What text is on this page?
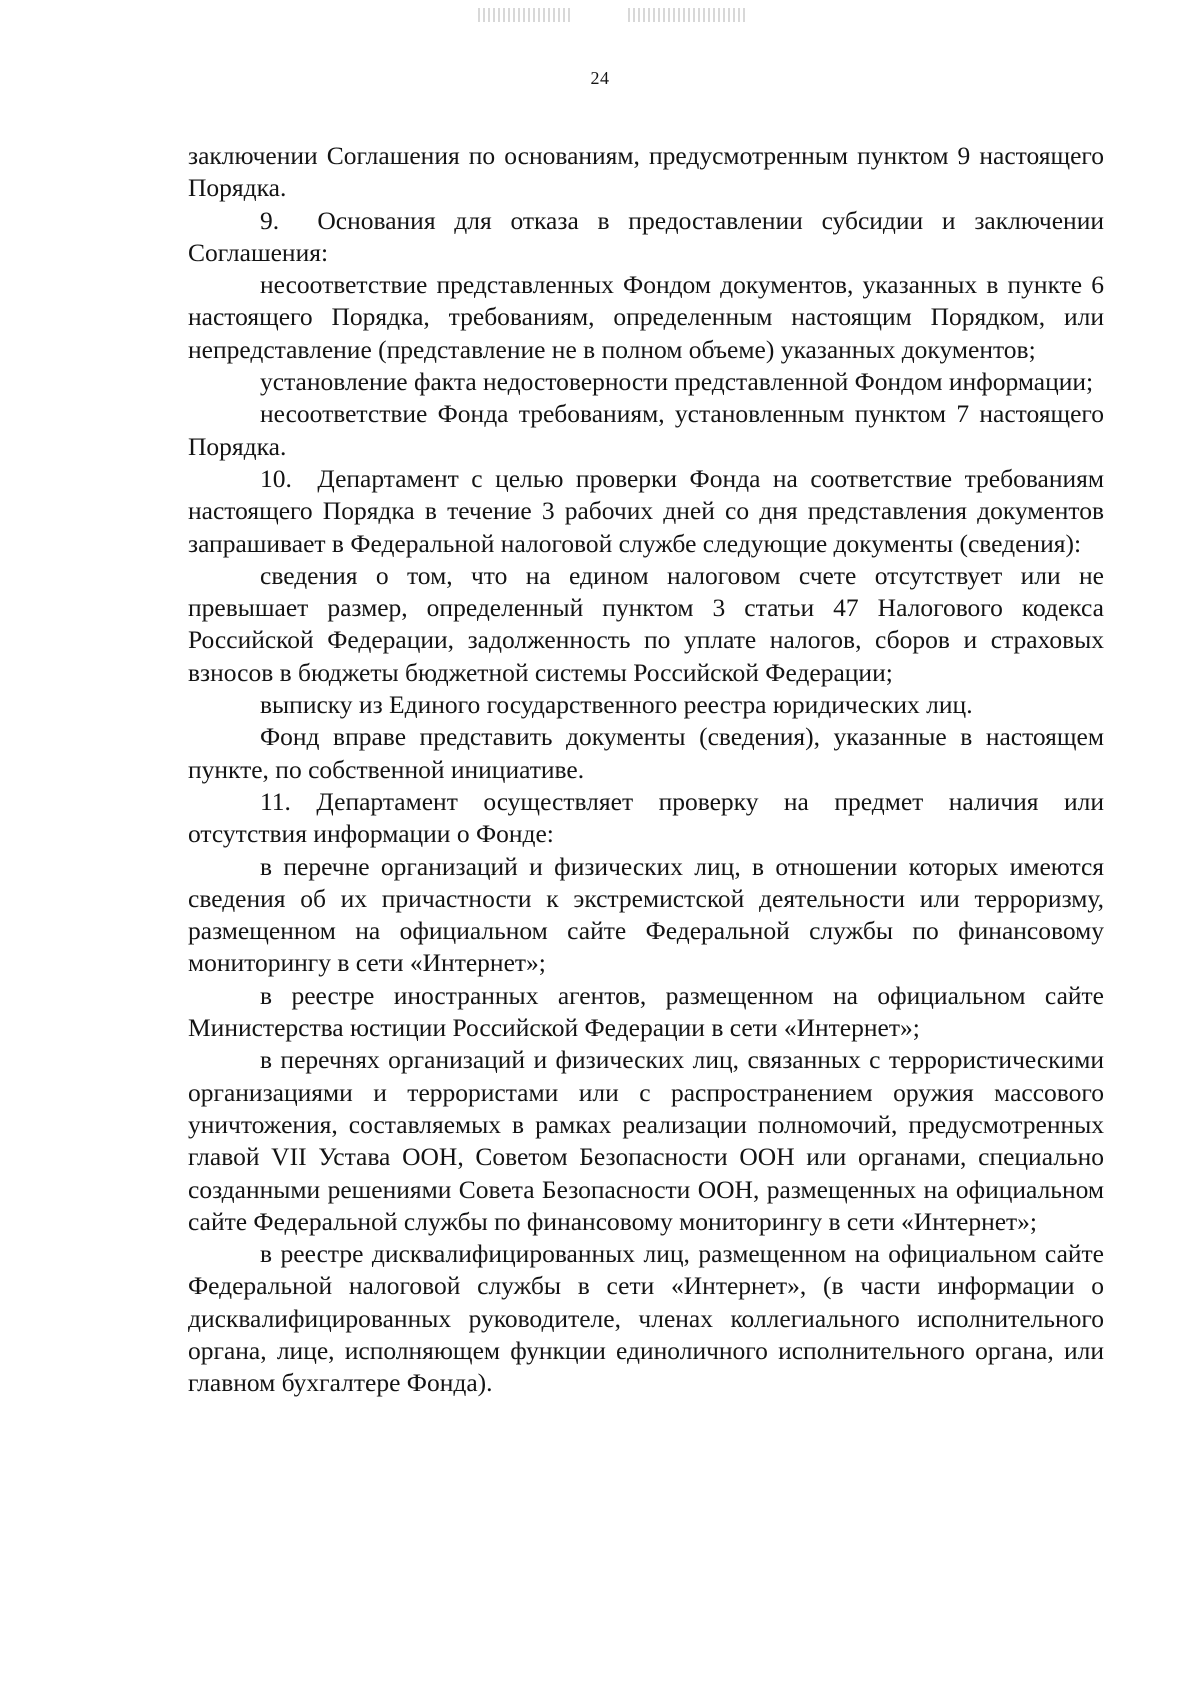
24

заключении Соглашения по основаниям, предусмотренным пунктом 9 настоящего Порядка.

9.  Основания для отказа в предоставлении субсидии и заключении Соглашения:

несоответствие представленных Фондом документов, указанных в пункте 6 настоящего Порядка, требованиям, определенным настоящим Порядком, или непредставление (представление не в полном объеме) указанных документов;

установление факта недостоверности представленной Фондом информации;

несоответствие Фонда требованиям, установленным пунктом 7 настоящего Порядка.

10. Департамент с целью проверки Фонда на соответствие требованиям настоящего Порядка в течение 3 рабочих дней со дня представления документов запрашивает в Федеральной налоговой службе следующие документы (сведения):

сведения о том, что на едином налоговом счете отсутствует или не превышает размер, определенный пунктом 3 статьи 47 Налогового кодекса Российской Федерации, задолженность по уплате налогов, сборов и страховых взносов в бюджеты бюджетной системы Российской Федерации;

выписку из Единого государственного реестра юридических лиц.

Фонд вправе представить документы (сведения), указанные в настоящем пункте, по собственной инициативе.

11. Департамент осуществляет проверку на предмет наличия или отсутствия информации о Фонде:

в перечне организаций и физических лиц, в отношении которых имеются сведения об их причастности к экстремистской деятельности или терроризму, размещенном на официальном сайте Федеральной службы по финансовому мониторингу в сети «Интернет»;

в реестре иностранных агентов, размещенном на официальном сайте Министерства юстиции Российской Федерации в сети «Интернет»;

в перечнях организаций и физических лиц, связанных с террористическими организациями и террористами или с распространением оружия массового уничтожения, составляемых в рамках реализации полномочий, предусмотренных главой VII Устава ООН, Советом Безопасности ООН или органами, специально созданными решениями Совета Безопасности ООН, размещенных на официальном сайте Федеральной службы по финансовому мониторингу в сети «Интернет»;

в реестре дисквалифицированных лиц, размещенном на официальном сайте Федеральной налоговой службы в сети «Интернет», (в части информации о дисквалифицированных руководителе, членах коллегиального исполнительного органа, лице, исполняющем функции единоличного исполнительного органа, или главном бухгалтере Фонда).
